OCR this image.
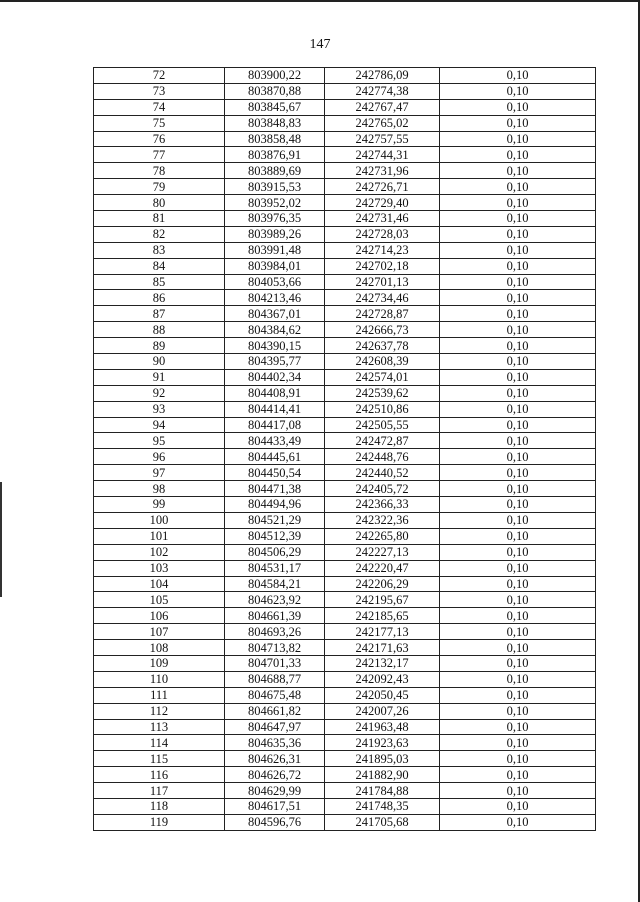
147
72	803900,22	242786,09	0,10
73	803870,88	242774,38	0,10
74	803845,67	242767,47	0,10
75	803848,83	242765,02	0,10
76	803858,48	242757,55	0,10
77	803876,91	242744,31	0,10
78	803889,69	242731,96	0,10
79	803915,53	242726,71	0,10
80	803952,02	242729,40	0,10
81	803976,35	242731,46	0,10
82	803989,26	242728,03	0,10
83	803991,48	242714,23	0,10
84	803984,01	242702,18	0,10
85	804053,66	242701,13	0,10
86	804213,46	242734,46	0,10
87	804367,01	242728,87	0,10
88	804384,62	242666,73	0,10
89	804390,15	242637,78	0,10
90	804395,77	242608,39	0,10
91	804402,34	242574,01	0,10
92	804408,91	242539,62	0,10
93	804414,41	242510,86	0,10
94	804417,08	242505,55	0,10
95	804433,49	242472,87	0,10
96	804445,61	242448,76	0,10
97	804450,54	242440,52	0,10
98	804471,38	242405,72	0,10
99	804494,96	242366,33	0,10
100	804521,29	242322,36	0,10
101	804512,39	242265,80	0,10
102	804506,29	242227,13	0,10
103	804531,17	242220,47	0,10
104	804584,21	242206,29	0,10
105	804623,92	242195,67	0,10
106	804661,39	242185,65	0,10
107	804693,26	242177,13	0,10
108	804713,82	242171,63	0,10
109	804701,33	242132,17	0,10
110	804688,77	242092,43	0,10
111	804675,48	242050,45	0,10
112	804661,82	242007,26	0,10
113	804647,97	241963,48	0,10
114	804635,36	241923,63	0,10
115	804626,31	241895,03	0,10
116	804626,72	241882,90	0,10
117	804629,99	241784,88	0,10
118	804617,51	241748,35	0,10
119	804596,76	241705,68	0,10
